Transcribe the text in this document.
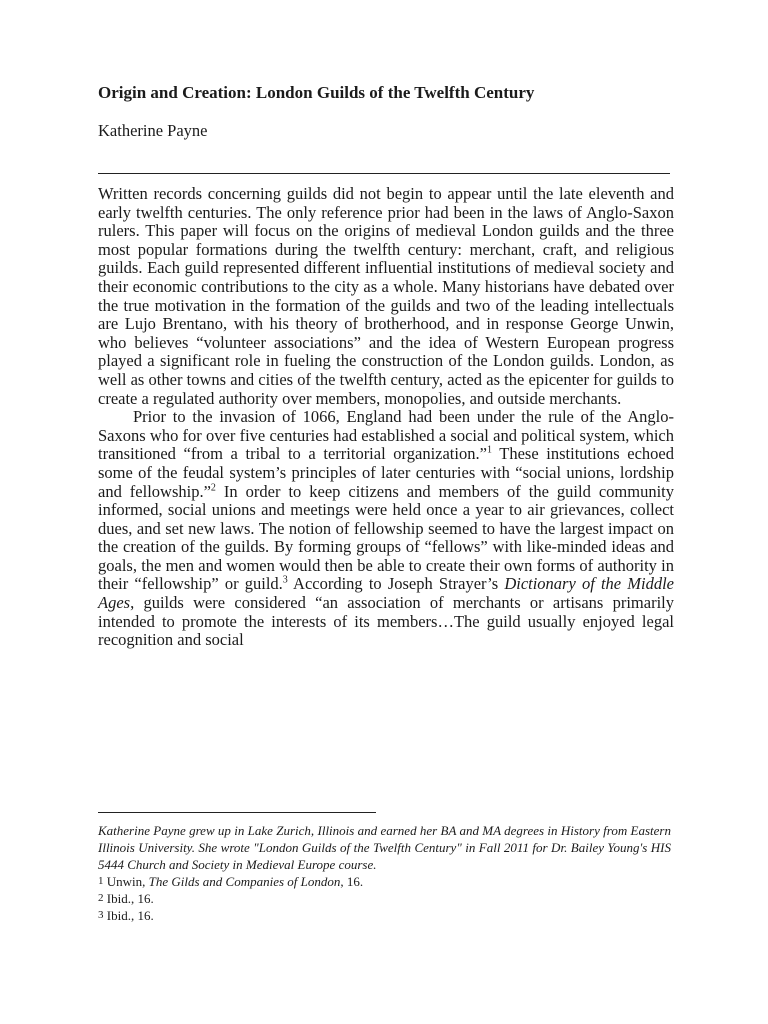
Origin and Creation: London Guilds of the Twelfth Century

Katherine Payne

Written records concerning guilds did not begin to appear until the late eleventh and early twelfth centuries. The only reference prior had been in the laws of Anglo-Saxon rulers. This paper will focus on the origins of medieval London guilds and the three most popular formations during the twelfth century: merchant, craft, and religious guilds. Each guild represented different influential institutions of medieval society and their economic contributions to the city as a whole. Many historians have debated over the true motivation in the formation of the guilds and two of the leading intellectuals are Lujo Brentano, with his theory of brotherhood, and in response George Unwin, who believes “volunteer associations” and the idea of Western European progress played a significant role in fueling the construction of the London guilds. London, as well as other towns and cities of the twelfth century, acted as the epicenter for guilds to create a regulated authority over members, monopolies, and outside merchants.

Prior to the invasion of 1066, England had been under the rule of the Anglo-Saxons who for over five centuries had established a social and political system, which transitioned “from a tribal to a territorial organization.”$^1$ These institutions echoed some of the feudal system’s principles of later centuries with “social unions, lordship and fellowship.”$^2$ In order to keep citizens and members of the guild community informed, social unions and meetings were held once a year to air grievances, collect dues, and set new laws. The notion of fellowship seemed to have the largest impact on the creation of the guilds. By forming groups of “fellows” with like-minded ideas and goals, the men and women would then be able to create their own forms of authority in their “fellowship” or guild.$^3$ According to Joseph Strayer’s Dictionary of the Middle Ages, guilds were considered “an association of merchants or artisans primarily intended to promote the interests of its members…The guild usually enjoyed legal recognition and social

Katherine Payne grew up in Lake Zurich, Illinois and earned her BA and MA degrees in History from Eastern Illinois University. She wrote "London Guilds of the Twelfth Century" in Fall 2011 for Dr. Bailey Young's HIS 5444 Church and Society in Medieval Europe course.

$^1$ Unwin, The Gilds and Companies of London, 16.

$^2$ Ibid., 16.

$^3$ Ibid., 16.
